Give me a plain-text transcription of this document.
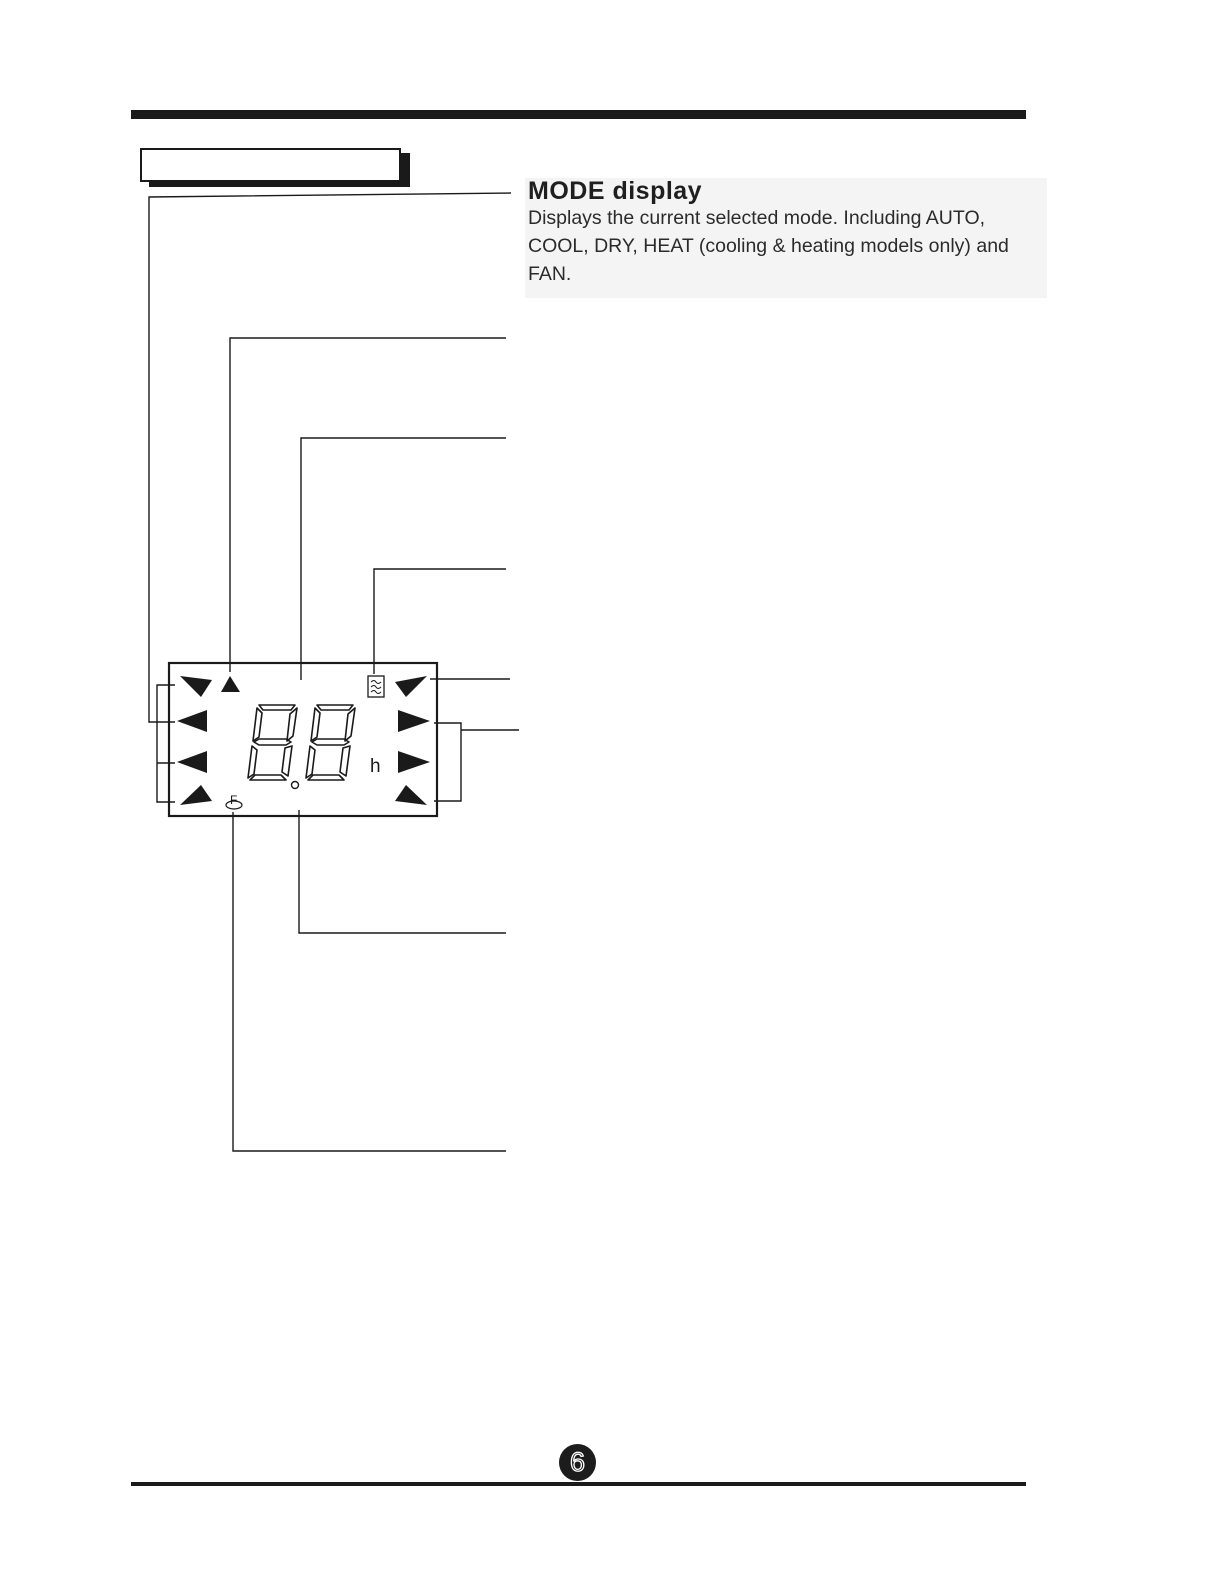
MODE display
Displays the current selected mode. Including AUTO, COOL, DRY, HEAT (cooling & heating models only) and FAN.
h
F
6
